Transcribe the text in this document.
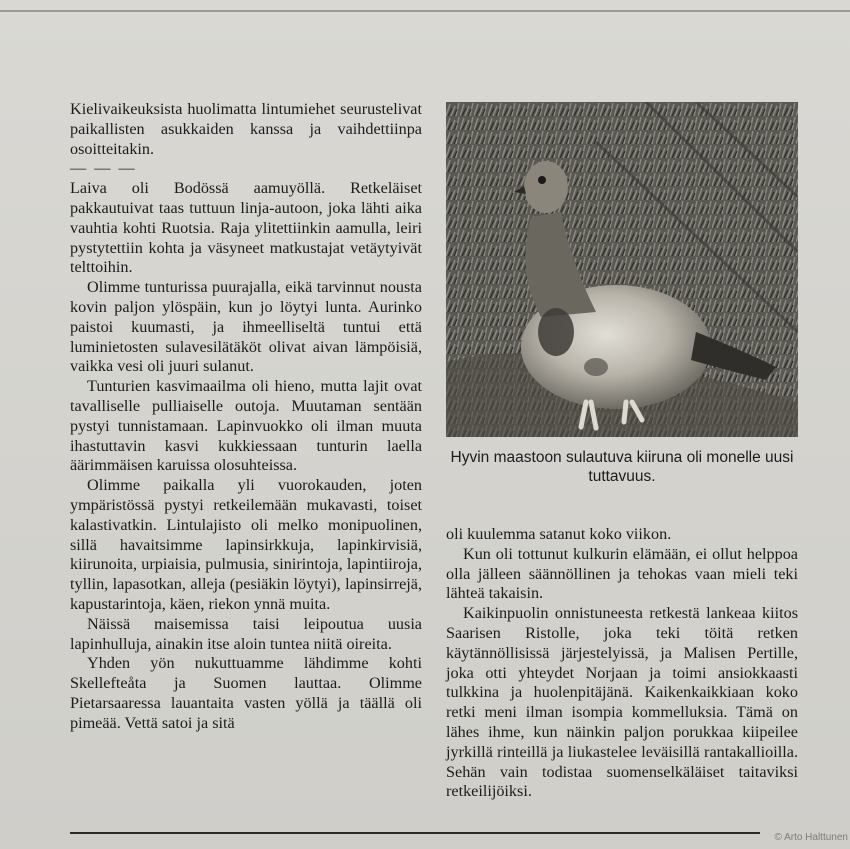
Kielivaikeuksista huolimatta lintumiehet seurustelivat paikallisten asukkaiden kanssa ja vaihdettiinpa osoitteitakin.

— — —

Laiva oli Bodössä aamuyöllä. Retkeläiset pakkautuivat taas tuttuun linja-autoon, joka lähti aika vauhtia kohti Ruotsia. Raja ylitettiinkin aamulla, leiri pystytettiin kohta ja väsyneet matkustajat vetäytyivät telttoihin.

Olimme tunturissa puurajalla, eikä tarvinnut nousta kovin paljon ylöspäin, kun jo löytyi lunta. Aurinko paistoi kuumasti, ja ihmeelliseltä tuntui että luminietosten sulavesilätäköt olivat aivan lämpöisiä, vaikka vesi oli juuri sulanut.

Tunturien kasvimaailma oli hieno, mutta lajit ovat tavalliselle pulliaiselle outoja. Muutaman sentään pystyi tunnistamaan. Lapinvuokko oli ilman muuta ihastuttavin kasvi kukkiessaan tunturin laella äärimmäisen karuissa olosuhteissa.

Olimme paikalla yli vuorokauden, joten ympäristössä pystyi retkeilemään mukavasti, toiset kalastivatkin. Lintulajisto oli melko monipuolinen, sillä havaitsimme lapinsirkkuja, lapinkirvisiä, kiirunoita, urpiaisia, pulmusia, sinirintoja, lapintiiroja, tyllin, lapasotkan, alleja (pesiäkin löytyi), lapinsirrejä, kapustarintoja, käen, riekon ynnä muita.

Näissä maisemissa taisi leipoutua uusia lapinhulluja, ainakin itse aloin tuntea niitä oireita.

Yhden yön nukuttuamme lähdimme kohti Skellefteåta ja Suomen lauttaa. Olimme Pietarsaaressa lauantaita vasten yöllä ja täällä oli pimeää. Vettä satoi ja sitä

Hyvin maastoon sulautuva kiiruna oli monelle uusi tuttavuus.

oli kuulemma satanut koko viikon.

Kun oli tottunut kulkurin elämään, ei ollut helppoa olla jälleen säännöllinen ja tehokas vaan mieli teki lähteä takaisin.

Kaikinpuolin onnistuneesta retkestä lankeaa kiitos Saarisen Ristolle, joka teki töitä retken käytännöllisissä järjestelyissä, ja Malisen Pertille, joka otti yhteydet Norjaan ja toimi ansiokkaasti tulkkina ja huolenpitäjänä. Kaikenkaikkiaan koko retki meni ilman isompia kommelluksia. Tämä on lähes ihme, kun näinkin paljon porukkaa kiipeilee jyrkillä rinteillä ja liukastelee leväisillä rantakallioilla. Sehän vain todistaa suomenselkäläiset taitaviksi retkeilijöiksi.

© Arto Halttunen
